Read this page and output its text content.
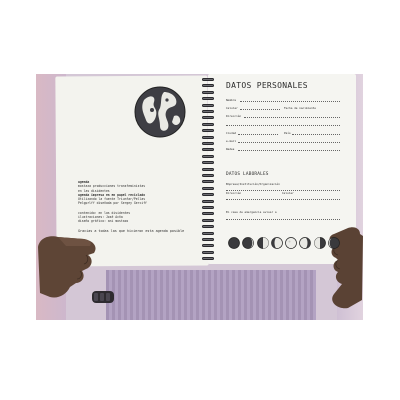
agenda
mostaza producciones transfeministas
en las disidentes
agenda impresa en en papel reciclado
Utilizando la fuente Triunfar/Pellas
Pelgprlff diseñada por Sergey Gerciff
contenido: en las disidentes
ilustraciones: José Acña
diseño gráfico: ani mostazo
Gracias a todas las que hicieron esta agenda posible
DATOS PERSONALES
Nombre
Celular	Fecha de nacimiento
Dirección
Ciudad	País
e-mail
Redes
DATOS LABORALES
Empresa/Institución/Organización
Dirección	Celular
En caso de emergencia avisar a
